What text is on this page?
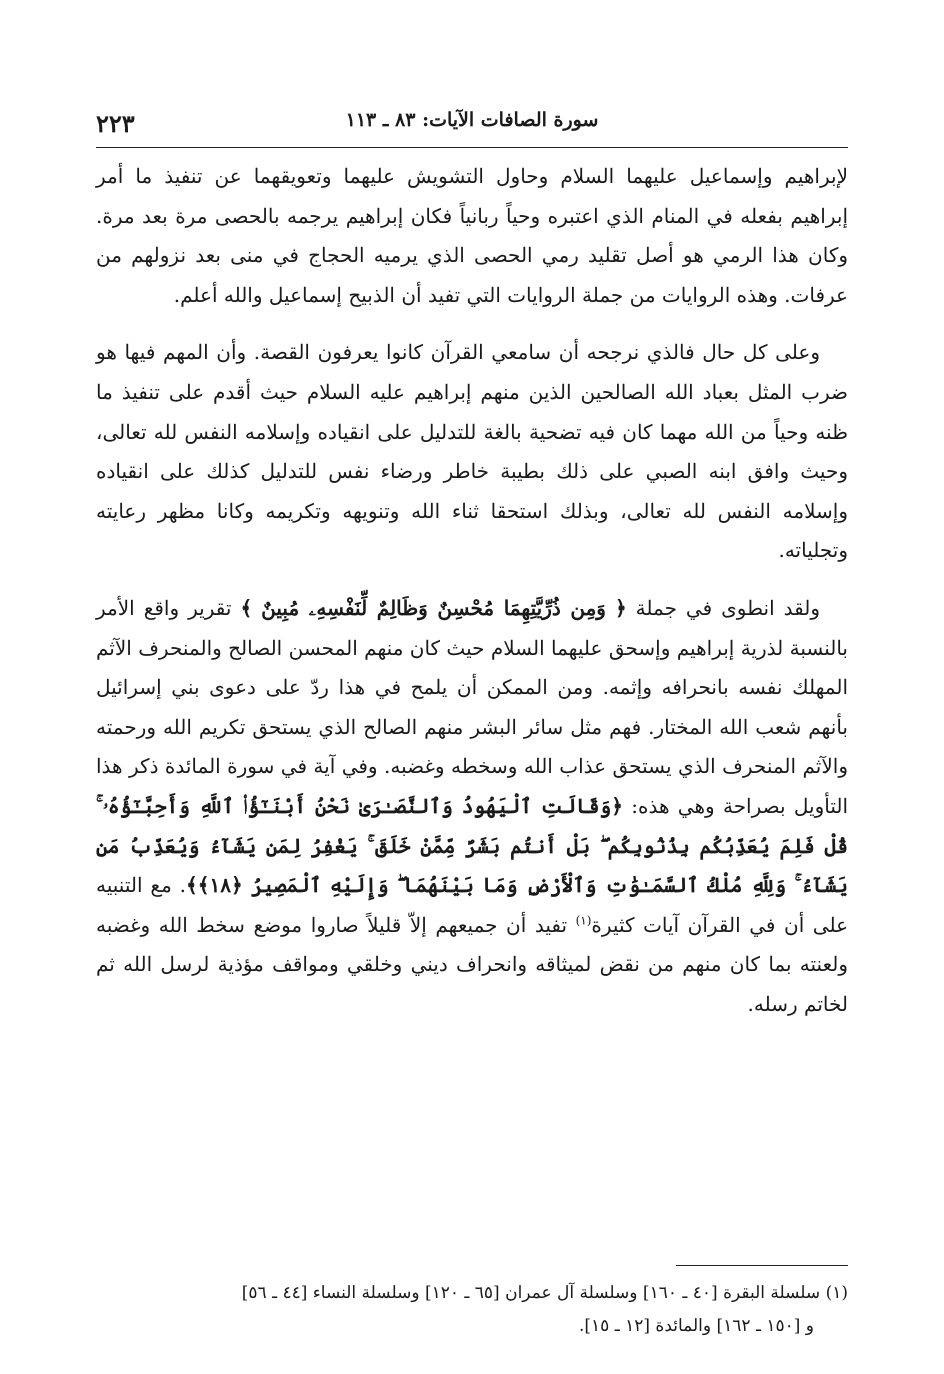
سورة الصافات الآيات: ٨٣ ـ ١١٣
٢٢٣

لإبراهيم وإسماعيل عليهما السلام وحاول التشويش عليهما وتعويقهما عن تنفيذ ما أمر إبراهيم بفعله في المنام الذي اعتبره وحياً ربانياً فكان إبراهيم يرجمه بالحصى مرة بعد مرة. وكان هذا الرمي هو أصل تقليد رمي الحصى الذي يرميه الحجاج في منى بعد نزولهم من عرفات. وهذه الروايات من جملة الروايات التي تفيد أن الذبيح إسماعيل والله أعلم.

وعلى كل حال فالذي نرجحه أن سامعي القرآن كانوا يعرفون القصة. وأن المهم فيها هو ضرب المثل بعباد الله الصالحين الذين منهم إبراهيم عليه السلام حيث أقدم على تنفيذ ما ظنه وحياً من الله مهما كان فيه تضحية بالغة للتدليل على انقياده وإسلامه النفس لله تعالى، وحيث وافق ابنه الصبي على ذلك بطيبة خاطر ورضاء نفس للتدليل كذلك على انقياده وإسلامه النفس لله تعالى، وبذلك استحقا ثناء الله وتنويهه وتكريمه وكانا مظهر رعايته وتجلياته.

ولقد انطوى في جملة ﴿ وَمِن ذُرِّيَّتِهِمَا مُحْسِنٌ وَظَالِمٌ لِّنَفْسِهِۦ مُبِينٌ ﴾ تقرير واقع الأمر بالنسبة لذرية إبراهيم وإسحق عليهما السلام حيث كان منهم المحسن الصالح والمنحرف الآثم المهلك نفسه بانحرافه وإثمه. ومن الممكن أن يلمح في هذا ردّ على دعوى بني إسرائيل بأنهم شعب الله المختار. فهم مثل سائر البشر منهم الصالح الذي يستحق تكريم الله ورحمته والآثم المنحرف الذي يستحق عذاب الله وسخطه وغضبه. وفي آية في سورة المائدة ذكر هذا التأويل بصراحة وهي هذه: ﴿وَقَالَتِ ٱلْيَهُودُ وَٱلنَّصَـٰرَىٰ نَحْنُ أَبْنَـٰٓؤُا۟ ٱللَّهِ وَأَحِبَّـٰٓؤُهُۥ ۚ قُلْ فَلِمَ يُعَذِّبُكُم بِذُنُوبِكُم ۖ بَلْ أَنتُم بَشَرٌ مِّمَّنْ خَلَقَ ۚ يَغْفِرُ لِمَن يَشَآءُ وَيُعَذِّبُ مَن يَشَآءُ ۚ وَلِلَّهِ مُلْكُ ٱلسَّمَـٰوَٰتِ وَٱلْأَرْضِ وَمَا بَيْنَهُمَا ۖ وَإِلَيْهِ ٱلْمَصِيرُ ﴿١٨﴾﴾. مع التنبيه على أن في القرآن آيات كثيرة$^{(١)}$ تفيد أن جميعهم إلاّ قليلاً صاروا موضع سخط الله وغضبه ولعنته بما كان منهم من نقض لميثاقه وانحراف ديني وخلقي ومواقف مؤذية لرسل الله ثم لخاتم رسله.

(١) سلسلة البقرة [٤٠ ـ ١٦٠] وسلسلة آل عمران [٦٥ ـ ١٢٠] وسلسلة النساء [٤٤ ـ ٥٦]
و [١٥٠ ـ ١٦٢] والمائدة [١٢ ـ ١٥].
